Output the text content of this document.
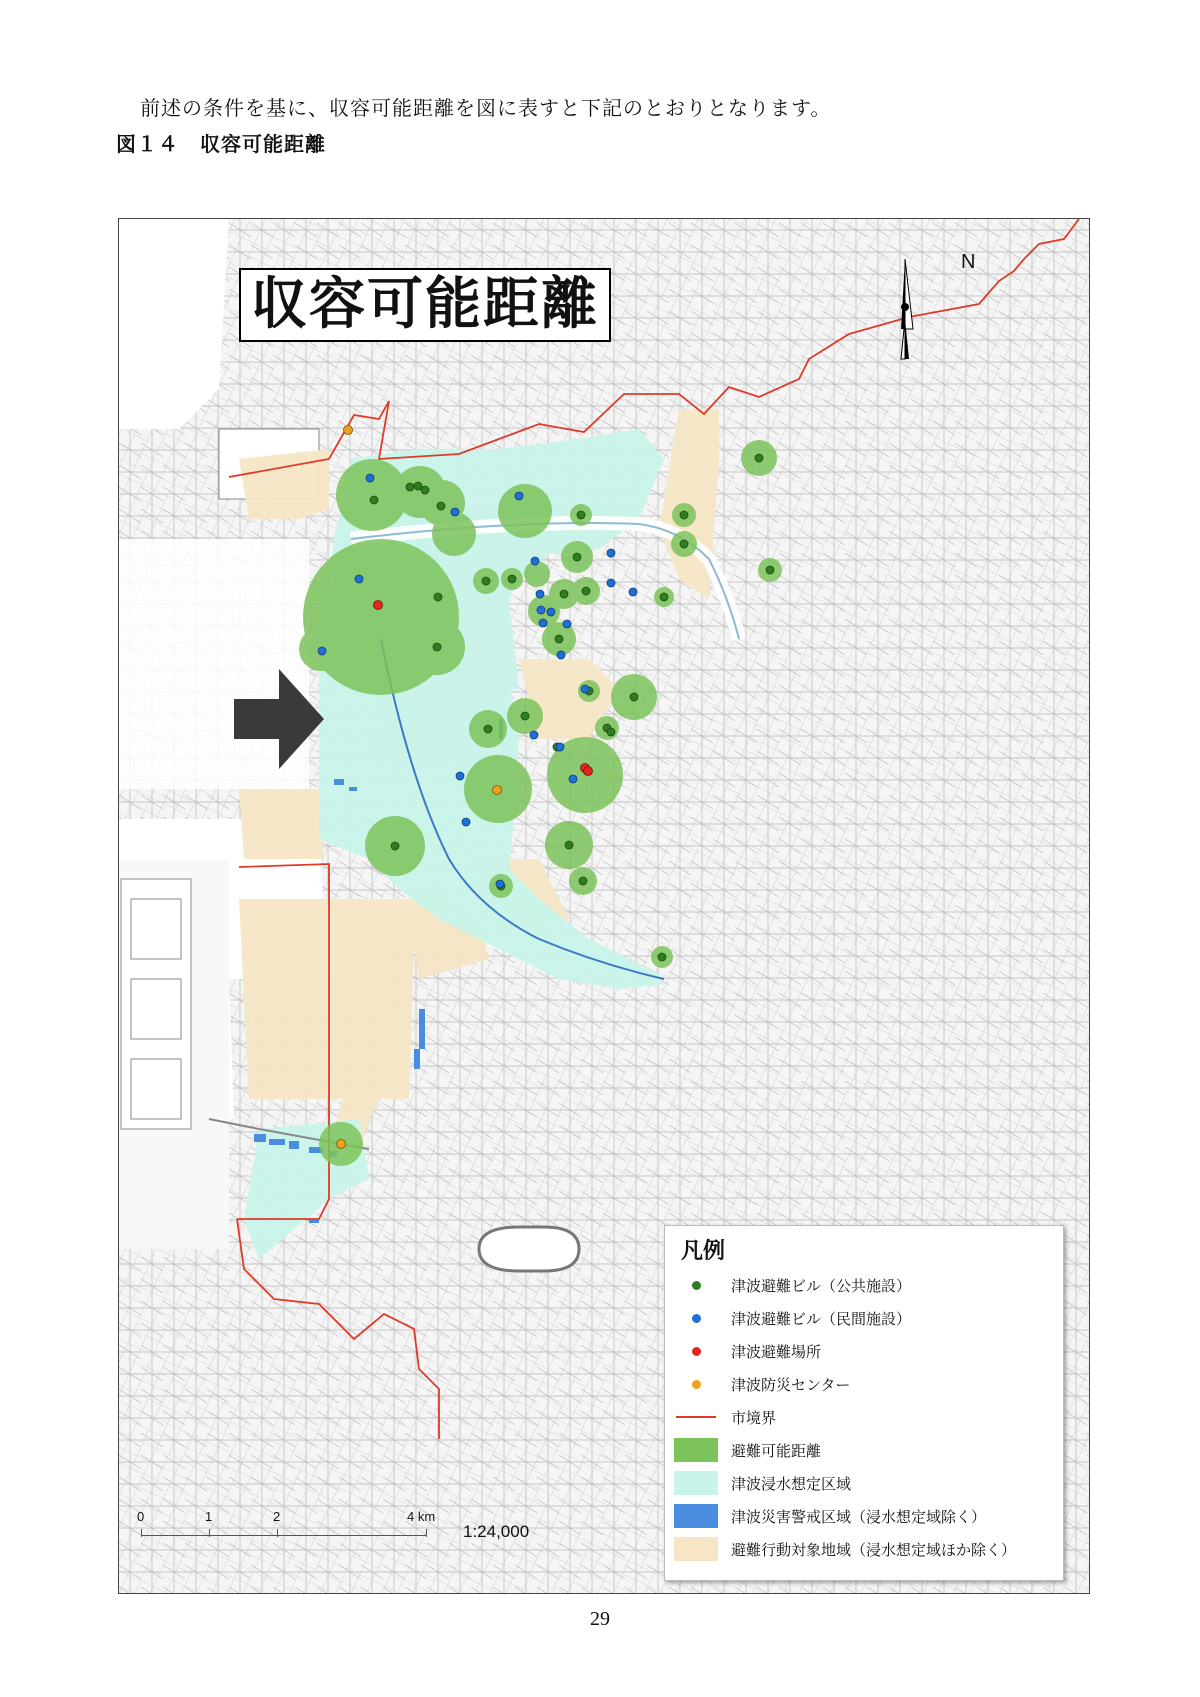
前述の条件を基に、収容可能距離を図に表すと下記のとおりとなります。
図１４　収容可能距離
収容可能距離
N
0	1	2	4 km
1:24,000
凡例
津波避難ビル（公共施設）
津波避難ビル（民間施設）
津波避難場所
津波防災センター
市境界
避難可能距離
津波浸水想定区域
津波災害警戒区域（浸水想定域除く）
避難行動対象地域（浸水想定域ほか除く）
29
